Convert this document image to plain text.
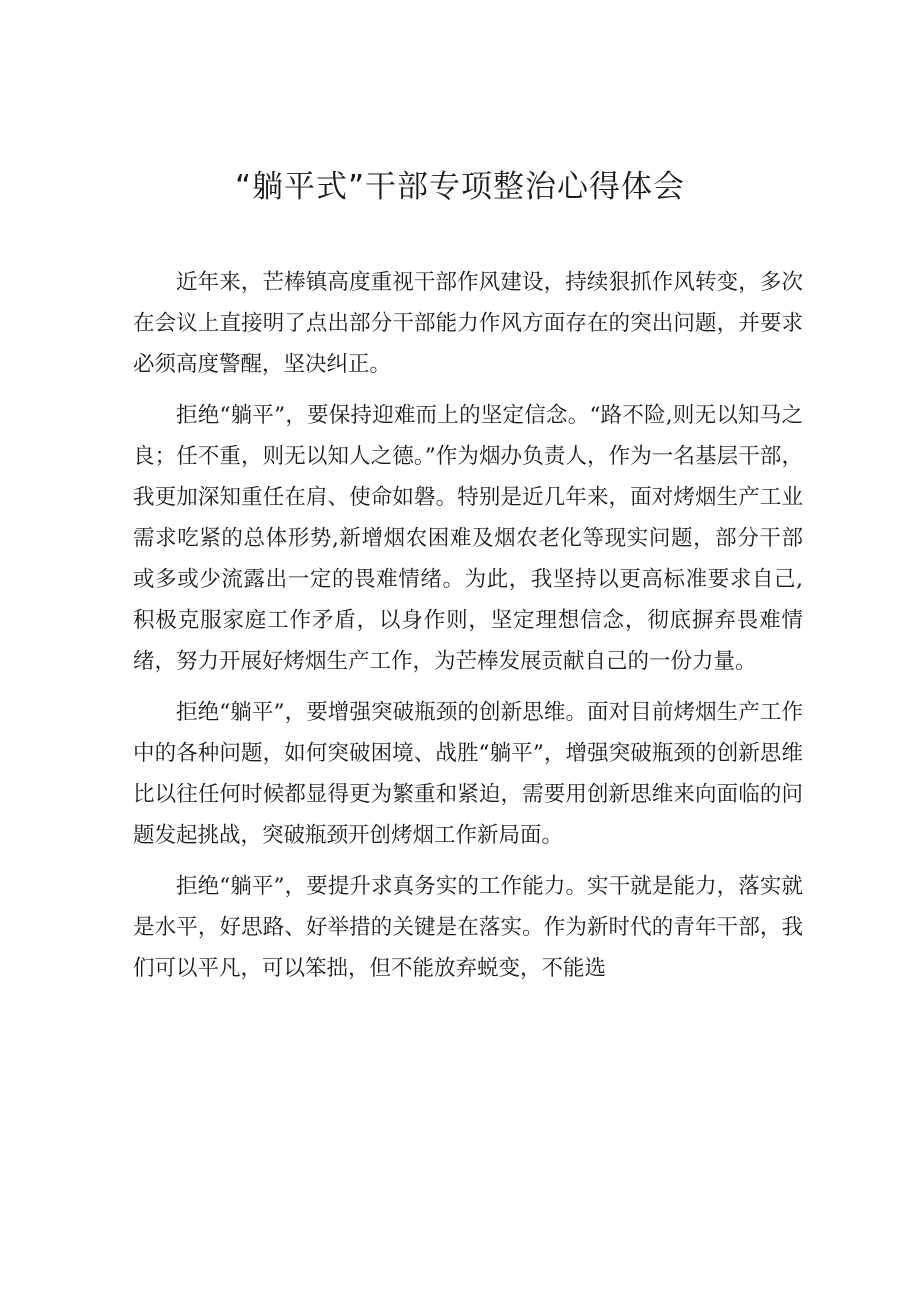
“躺平式”干部专项整治心得体会

近年来，芒棒镇高度重视干部作风建设，持续狠抓作风转变，多次在会议上直接明了点出部分干部能力作风方面存在的突出问题，并要求必须高度警醒，坚决纠正。

拒绝“躺平”，要保持迎难而上的坚定信念。“路不险,则无以知马之良；任不重，则无以知人之德。”作为烟办负责人，作为一名基层干部，我更加深知重任在肩、使命如磐。特别是近几年来，面对烤烟生产工业需求吃紧的总体形势,新增烟农困难及烟农老化等现实问题，部分干部或多或少流露出一定的畏难情绪。为此，我坚持以更高标准要求自己,积极克服家庭工作矛盾，以身作则，坚定理想信念，彻底摒弃畏难情绪，努力开展好烤烟生产工作，为芒棒发展贡献自己的一份力量。

拒绝“躺平”，要增强突破瓶颈的创新思维。面对目前烤烟生产工作中的各种问题，如何突破困境、战胜“躺平”，增强突破瓶颈的创新思维比以往任何时候都显得更为繁重和紧迫，需要用创新思维来向面临的问题发起挑战，突破瓶颈开创烤烟工作新局面。

拒绝“躺平”，要提升求真务实的工作能力。实干就是能力，落实就是水平，好思路、好举措的关键是在落实。作为新时代的青年干部，我们可以平凡，可以笨拙，但不能放弃蜕变，不能选
